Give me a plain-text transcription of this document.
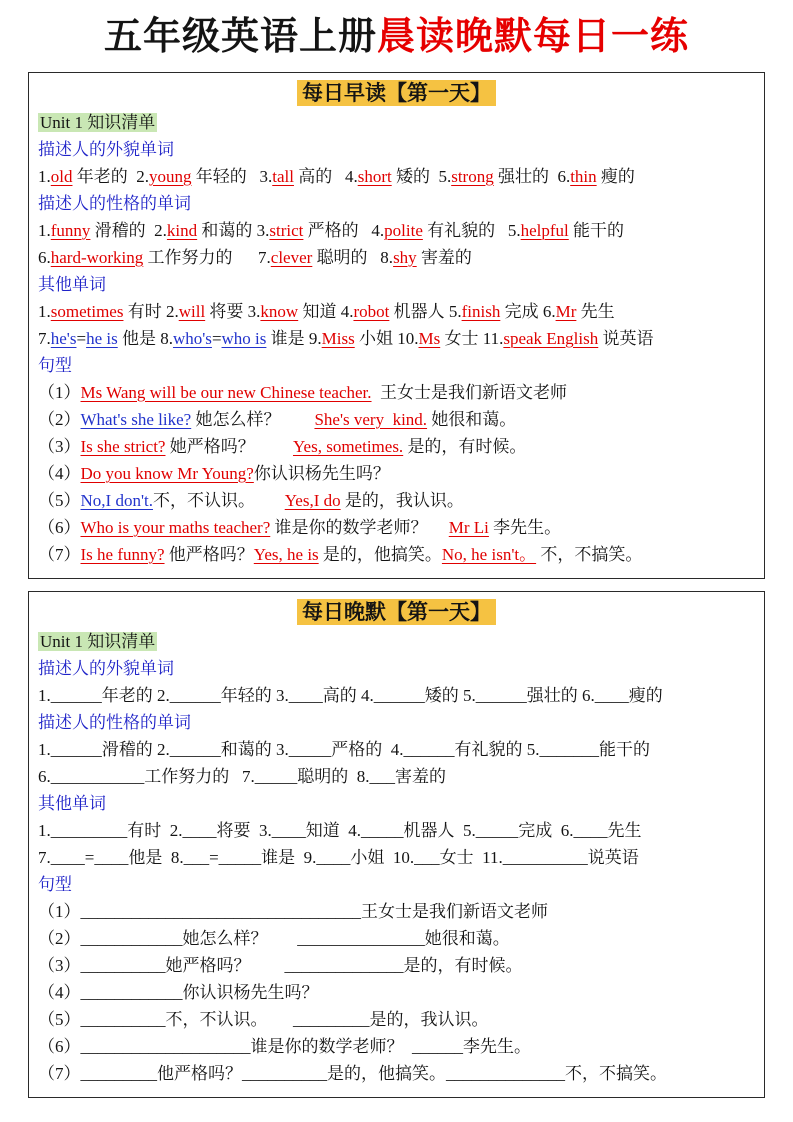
五年级英语上册晨读晚默每日一练
每日早读【第一天】
Unit 1 知识清单
描述人的外貌单词
1.old 年老的  2.young 年轻的   3.tall 高的   4.short 矮的  5.strong 强壮的  6.thin 瘦的
描述人的性格的单词
1.funny 滑稽的  2.kind 和蔼的 3.strict 严格的   4.polite 有礼貌的   5.helpful 能干的
6.hard-working 工作努力的      7.clever 聪明的   8.shy 害羞的
其他单词
1.sometimes 有时 2.will 将要 3.know 知道 4.robot 机器人 5.finish 完成 6.Mr 先生
7.he's=he is 他是 8.who's=who is 谁是 9.Miss 小姐 10.Ms 女士 11.speak English 说英语
句型
（1）Ms Wang will be our new Chinese teacher.  王女士是我们新语文老师
（2）What's she like? 她怎么样？        She's very  kind. 她很和蔼。
（3）Is she strict? 她严格吗？         Yes, sometimes. 是的，有时候。
（4）Do you know Mr Young?你认识杨先生吗？
（5）No,I don't.不，不认识。       Yes,I do 是的，我认识。
（6）Who is your maths teacher? 谁是你的数学老师？     Mr Li 李先生。
（7）Is he funny? 他严格吗？Yes, he is 是的，他搞笑。No, he isn't。 不，不搞笑。
每日晚默【第一天】
Unit 1 知识清单
描述人的外貌单词
1.______年老的 2.______年轻的 3.____高的 4.______矮的 5.______强壮的 6.____瘦的
描述人的性格的单词
1.______滑稽的 2.______和蔼的 3._____严格的  4.______有礼貌的 5._______能干的
6.___________工作努力的   7._____聪明的  8.___害羞的
其他单词
1._________有时  2.____将要  3.____知道  4._____机器人  5._____完成  6.____先生
7.____=____他是  8.___=_____谁是  9.____小姐  10.___女士  11.__________说英语
句型
（1）_________________________________王女士是我们新语文老师
（2）____________她怎么样？       _______________她很和蔼。
（3）__________她严格吗？        ______________是的，有时候。
（4）____________你认识杨先生吗？
（5）__________不，不认识。      _________是的，我认识。
（6）____________________谁是你的数学老师？  ______李先生。
（7）_________他严格吗？__________是的，他搞笑。______________不，不搞笑。
